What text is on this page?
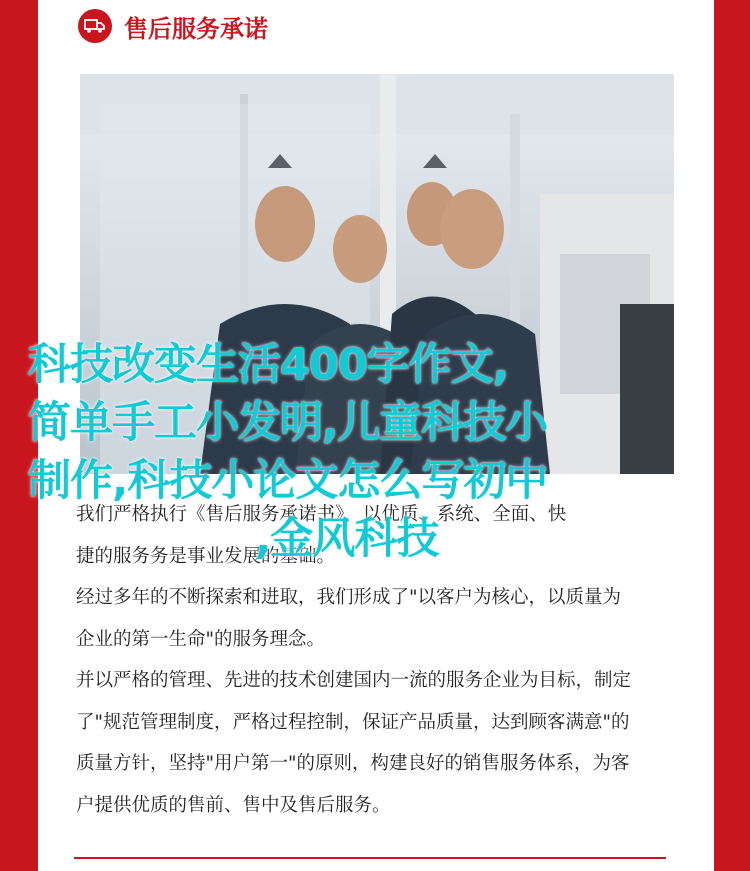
售后服务承诺

我们严格执行《售后服务承诺书》，以优质、系统、全面、快

捷的服务务是事业发展的基础。

经过多年的不断探索和进取，我们形成了"以客户为核心，以质量为

企业的第一生命"的服务理念。

并以严格的管理、先进的技术创建国内一流的服务企业为目标，制定

了"规范管理制度，严格过程控制，保证产品质量，达到顾客满意"的

质量方针，坚持"用户第一"的原则，构建良好的销售服务体系，为客

户提供优质的售前、售中及售后服务。

科技改变生活400字作文,
简单手工小发明,儿童科技小
制作,科技小论文怎么写初中
,金风科技
